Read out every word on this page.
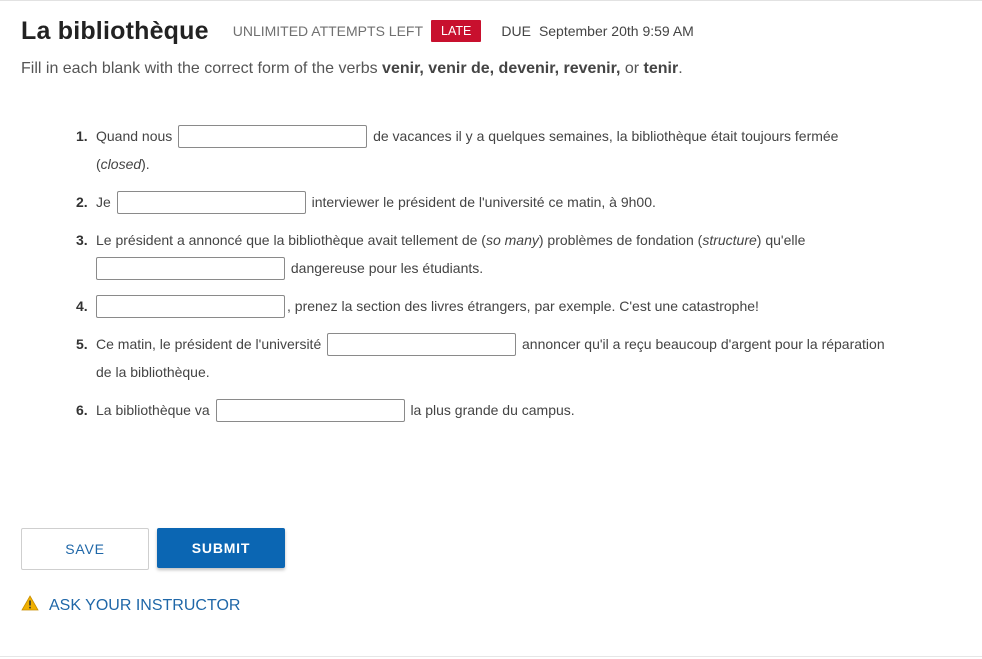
La bibliothèque UNLIMITED ATTEMPTS LEFT	LATE	DUE September 20th 9:59 AM
Fill in each blank with the correct form of the verbs venir, venir de, devenir, revenir, or tenir.
1. Quand nous	de vacances il y a quelques semaines, la bibliothèque était toujours fermée (closed).
2. Je	interviewer le président de l'université ce matin, à 9h00.
3. Le président a annoncé que la bibliothèque avait tellement de (so many) problèmes de fondation (structure) qu'elle
dangereuse pour les étudiants.
4.	, prenez la section des livres étrangers, par exemple. C'est une catastrophe!
5. Ce matin, le président de l'université	annoncer qu'il a reçu beaucoup d'argent pour la réparation de la bibliothèque.
6. La bibliothèque va	la plus grande du campus.
SAVE	SUBMIT
ASK YOUR INSTRUCTOR
